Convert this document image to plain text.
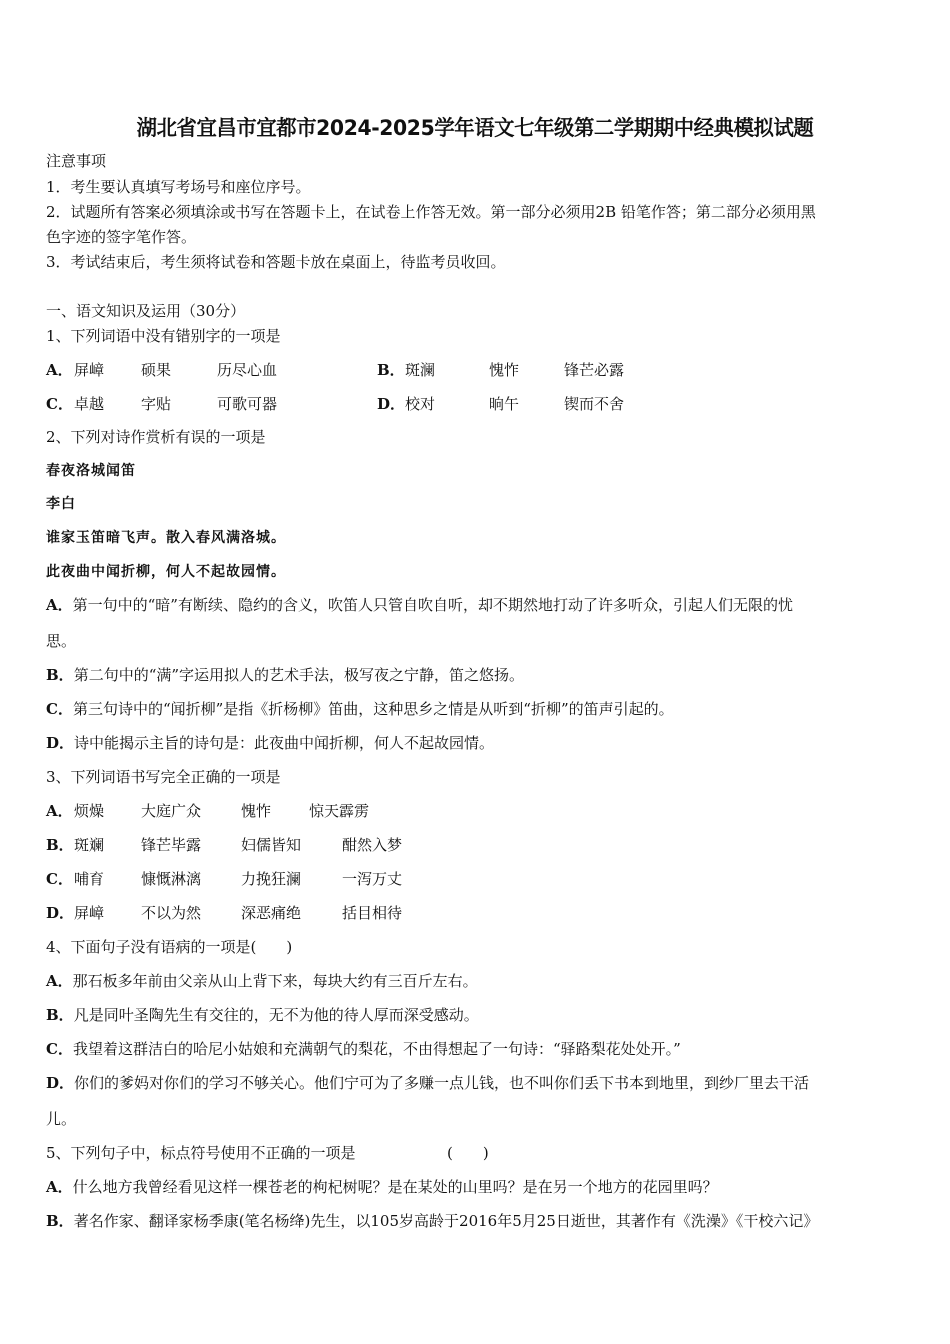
湖北省宜昌市宜都市2024-2025学年语文七年级第二学期期中经典模拟试题
注意事项
1．考生要认真填写考场号和座位序号。
2．试题所有答案必须填涂或书写在答题卡上，在试卷上作答无效。第一部分必须用2B 铅笔作答；第二部分必须用黑
色字迹的签字笔作答。
3．考试结束后，考生须将试卷和答题卡放在桌面上，待监考员收回。
一、语文知识及运用（30分）
1、下列词语中没有错别字的一项是
A． 屏嶂 硕果	历尽心血	B． 斑澜	愧怍	锋芒必露
C． 卓越 字贴	可歌可器	D． 校对	晌午	锲而不舍
2、下列对诗作赏析有误的一项是
春夜洛城闻笛
李白
谁家玉笛暗飞声。散入春风满洛城。
此夜曲中闻折柳，何人不起故园情。
A．第一句中的“暗”有断续、隐约的含义，吹笛人只管自吹自听，却不期然地打动了许多听众，引起人们无限的忧
思。
B．第二句中的“满”字运用拟人的艺术手法，极写夜之宁静，笛之悠扬。
C．第三句诗中的“闻折柳”是指《折杨柳》笛曲，这种思乡之情是从听到“折柳”的笛声引起的。
D．诗中能揭示主旨的诗句是：此夜曲中闻折柳，何人不起故园情。
3、下列词语书写完全正确的一项是
A． 烦燥 大庭广众	愧怍	惊天霹雳
B． 斑斓 锋芒毕露	妇儒皆知	酣然入梦
C． 哺育 慷慨淋漓	力挽狂澜	一泻万丈
D． 屏嶂 不以为然	深恶痛绝	括目相待
4、下面句子没有语病的一项是(　　)
A．那石板多年前由父亲从山上背下来，每块大约有三百斤左右。
B．凡是同叶圣陶先生有交往的，无不为他的待人厚而深受感动。
C．我望着这群洁白的哈尼小姑娘和充满朝气的梨花，不由得想起了一句诗：“驿路梨花处处开。”
D．你们的爹妈对你们的学习不够关心。他们宁可为了多赚一点儿钱，也不叫你们丢下书本到地里，到纱厂里去干活
儿。
5、下列句子中，标点符号使用不正确的一项是	(　　)
A．什么地方我曾经看见这样一棵苍老的枸杞树呢？是在某处的山里吗？是在另一个地方的花园里吗？
B．著名作家、翻译家杨季康(笔名杨绛)先生，以105岁高龄于2016年5月25日逝世，其著作有《洗澡》《干校六记》
